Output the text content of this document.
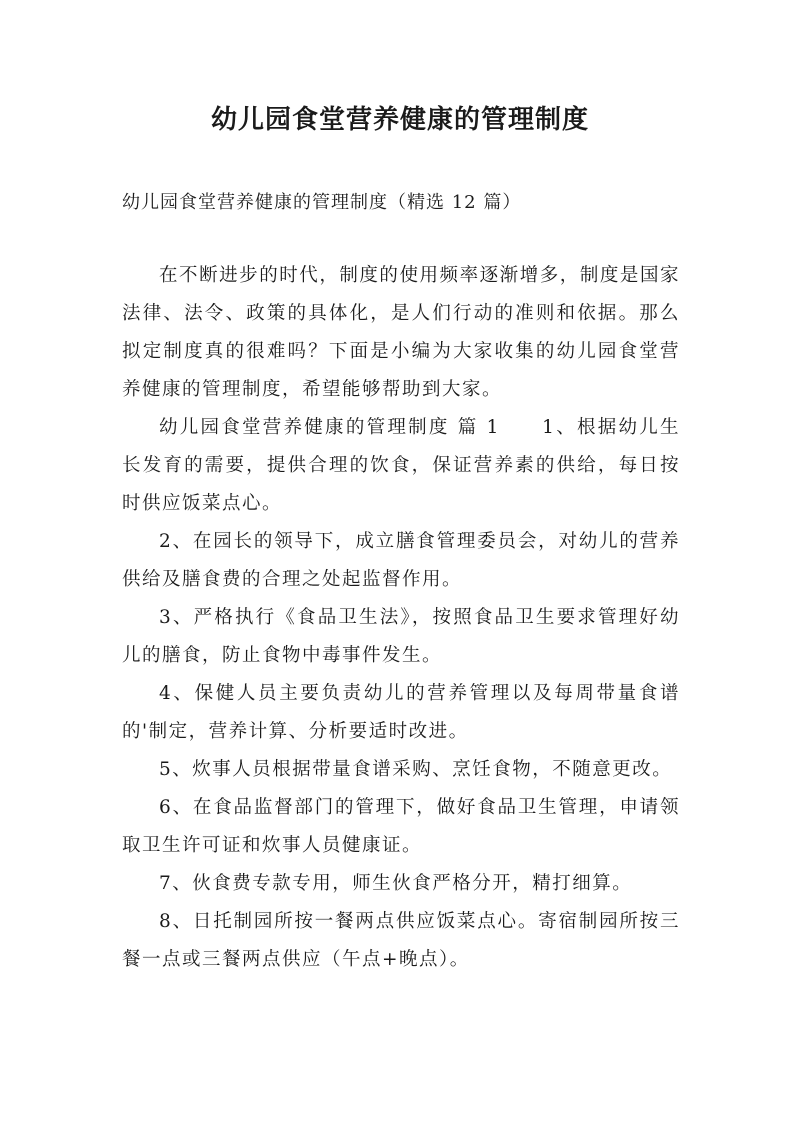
幼儿园食堂营养健康的管理制度

幼儿园食堂营养健康的管理制度（精选 12 篇）

在不断进步的时代，制度的使用频率逐渐增多，制度是国家法律、法令、政策的具体化，是人们行动的准则和依据。那么拟定制度真的很难吗？下面是小编为大家收集的幼儿园食堂营养健康的管理制度，希望能够帮助到大家。

幼儿园食堂营养健康的管理制度 篇 1　　1、根据幼儿生长发育的需要，提供合理的饮食，保证营养素的供给，每日按时供应饭菜点心。

2、在园长的领导下，成立膳食管理委员会，对幼儿的营养供给及膳食费的合理之处起监督作用。

3、严格执行《食品卫生法》，按照食品卫生要求管理好幼儿的膳食，防止食物中毒事件发生。

4、保健人员主要负责幼儿的营养管理以及每周带量食谱的'制定，营养计算、分析要适时改进。

5、炊事人员根据带量食谱采购、烹饪食物，不随意更改。

6、在食品监督部门的管理下，做好食品卫生管理，申请领取卫生许可证和炊事人员健康证。

7、伙食费专款专用，师生伙食严格分开，精打细算。

8、日托制园所按一餐两点供应饭菜点心。寄宿制园所按三餐一点或三餐两点供应（午点+晚点）。
